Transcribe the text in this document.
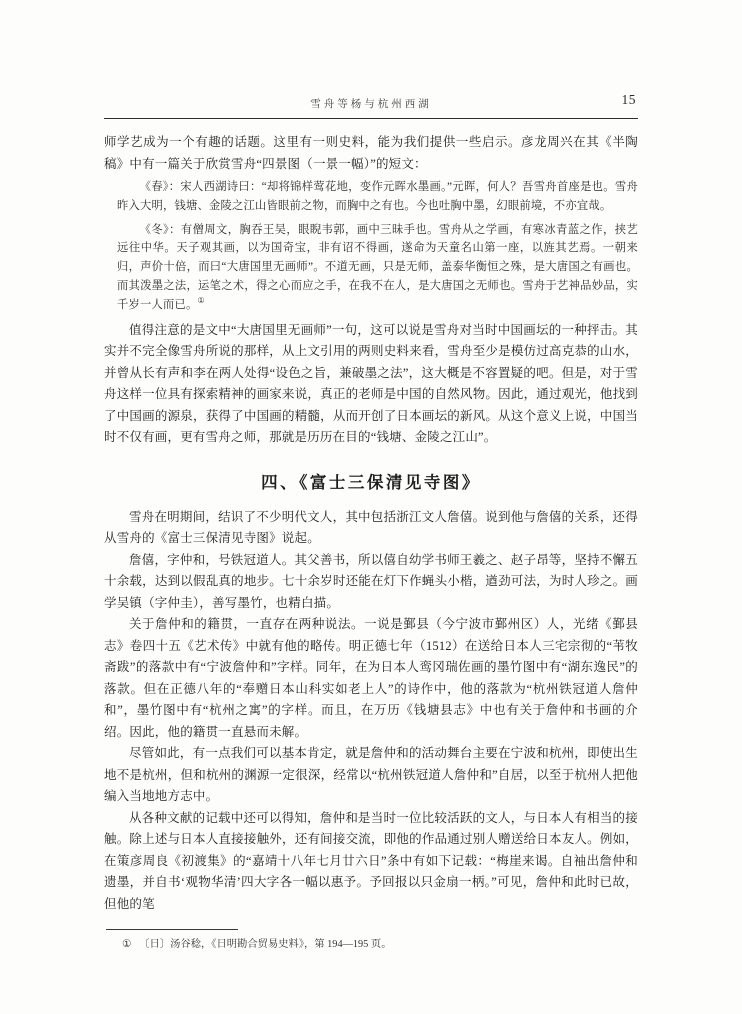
雪舟等杨与杭州西湖	15

师学艺成为一个有趣的话题。这里有一则史料，能为我们提供一些启示。彦龙周兴在其《半陶稿》中有一篇关于欣赏雪舟“四景图（一景一幅）”的短文：

《春》：宋人西湖诗曰：“却将锦样莺花地，变作元晖水墨画。”元晖，何人？吾雪舟首座是也。雪舟昨入大明，钱塘、金陵之江山皆眼前之物，而胸中之有也。今也吐胸中墨，幻眼前境，不亦宜哉。
《冬》：有僧周文，胸吞王吴，眼睨韦郭，画中三昧手也。雪舟从之学画，有寒冰青蓝之作，挟艺远往中华。天子观其画，以为国奇宝，非有诏不得画，遂命为天童名山第一座，以旌其艺焉。一朝来归，声价十倍，而曰“大唐国里无画师”。不道无画，只是无师，盖泰华衡恒之殊，是大唐国之有画也。而其泼墨之法，运笔之术，得之心而应之手，在我不在人，是大唐国之无师也。雪舟于艺神品妙品，实千岁一人而已。①

值得注意的是文中“大唐国里无画师”一句，这可以说是雪舟对当时中国画坛的一种抨击。其实并不完全像雪舟所说的那样，从上文引用的两则史料来看，雪舟至少是模仿过高克恭的山水，并曾从长有声和李在两人处得“设色之旨，兼破墨之法”，这大概是不容置疑的吧。但是，对于雪舟这样一位具有探索精神的画家来说，真正的老师是中国的自然风物。因此，通过观光，他找到了中国画的源泉，获得了中国画的精髓，从而开创了日本画坛的新风。从这个意义上说，中国当时不仅有画，更有雪舟之师，那就是历历在目的“钱塘、金陵之江山”。

四、《富士三保清见寺图》

雪舟在明期间，结识了不少明代文人，其中包括浙江文人詹僖。说到他与詹僖的关系，还得从雪舟的《富士三保清见寺图》说起。

詹僖，字仲和，号铁冠道人。其父善书，所以僖自幼学书师王羲之、赵子昂等，坚持不懈五十余载，达到以假乱真的地步。七十余岁时还能在灯下作蝇头小楷，遒劲可法，为时人珍之。画学吴镇（字仲圭），善写墨竹，也精白描。

关于詹仲和的籍贯，一直存在两种说法。一说是鄞县（今宁波市鄞州区）人，光绪《鄞县志》卷四十五《艺术传》中就有他的略传。明正德七年（1512）在送给日本人三宅宗彻的“苇牧斋跋”的落款中有“宁波詹仲和”字样。同年，在为日本人鸾冈瑞佐画的墨竹图中有“湖东逸民”的落款。但在正德八年的“奉赠日本山科实如老上人”的诗作中，他的落款为“杭州铁冠道人詹仲和”，墨竹图中有“杭州之寓”的字样。而且，在万历《钱塘县志》中也有关于詹仲和书画的介绍。因此，他的籍贯一直悬而未解。

尽管如此，有一点我们可以基本肯定，就是詹仲和的活动舞台主要在宁波和杭州，即使出生地不是杭州，但和杭州的渊源一定很深，经常以“杭州铁冠道人詹仲和”自居，以至于杭州人把他编入当地地方志中。

从各种文献的记载中还可以得知，詹仲和是当时一位比较活跃的文人，与日本人有相当的接触。除上述与日本人直接接触外，还有间接交流，即他的作品通过别人赠送给日本友人。例如，在策彦周良《初渡集》的“嘉靖十八年七月廿六日”条中有如下记载：“梅崖来谒。自袖出詹仲和遗墨，并自书‘观物华清’四大字各一幅以惠予。予回报以只金扇一柄。”可见，詹仲和此时已故，但他的笔

① 〔日〕汤谷稔，《日明勘合贸易史料》，第 194—195 页。
